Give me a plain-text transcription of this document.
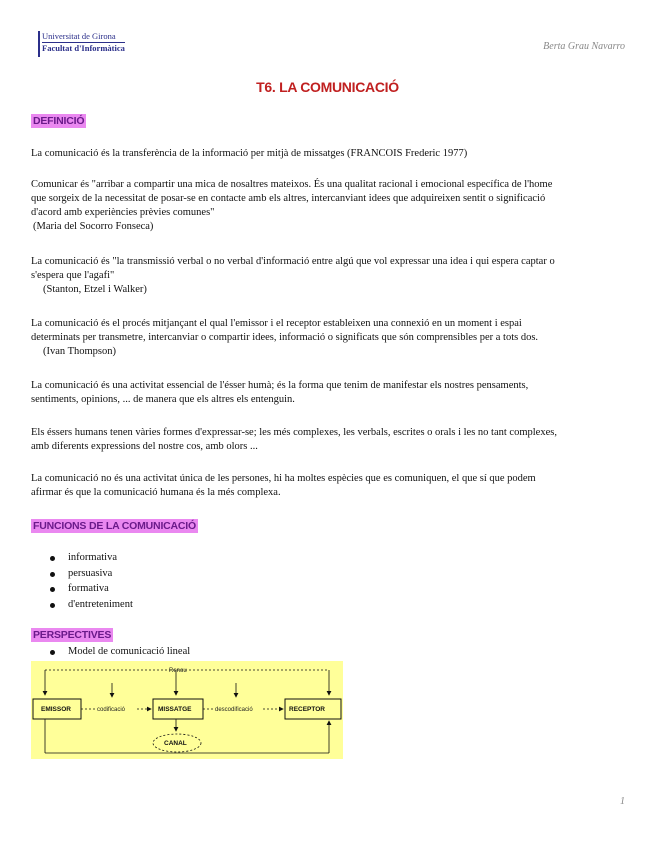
Universitat de Girona
Facultat d'Informàtica	Berta Grau Navarro
T6. LA COMUNICACIÓ
DEFINICIÓ
La comunicació és la transferència de la informació per mitjà de missatges (FRANCOIS Frederic 1977)
Comunicar és "arribar a compartir una mica de nosaltres mateixos. És una qualitat racional i emocional específica de l'home
que sorgeix de la necessitat de posar-se en contacte amb els altres, intercanviant idees que adquireixen sentit o significació
d'acord amb experiències prèvies comunes"
(Maria del Socorro Fonseca)
La comunicació és "la transmissió verbal o no verbal d'informació entre algú que vol expressar una idea i qui espera captar o
s'espera que l'agafi"
(Stanton, Etzel i Walker)
La comunicació és el procés mitjançant el qual l'emissor i el receptor estableixen una connexió en un moment i espai
determinats per transmetre, intercanviar o compartir idees, informació o significats que són comprensibles per a tots dos.
(Ivan Thompson)
La comunicació és una activitat essencial de l'ésser humà; és la forma que tenim de manifestar els nostres pensaments,
sentiments, opinions, ... de manera que els altres els entenguin.
Els éssers humans tenen vàries formes d'expressar-se; les més complexes, les verbals, escrites o orals i les no tant complexes,
amb diferents expressions del nostre cos, amb olors ...
La comunicació no és una activitat única de les persones, hi ha moltes espècies que es comuniquen, el que sí que podem
afirmar és que la comunicació humana és la més complexa.
FUNCIONS DE LA COMUNICACIÓ
informativa
persuasiva
formativa
d'entreteniment
PERSPECTIVES
Model de comunicació lineal
Renou
EMISSOR	codificació	MISSATGE	descodificació	RECEPTOR
CANAL
1
